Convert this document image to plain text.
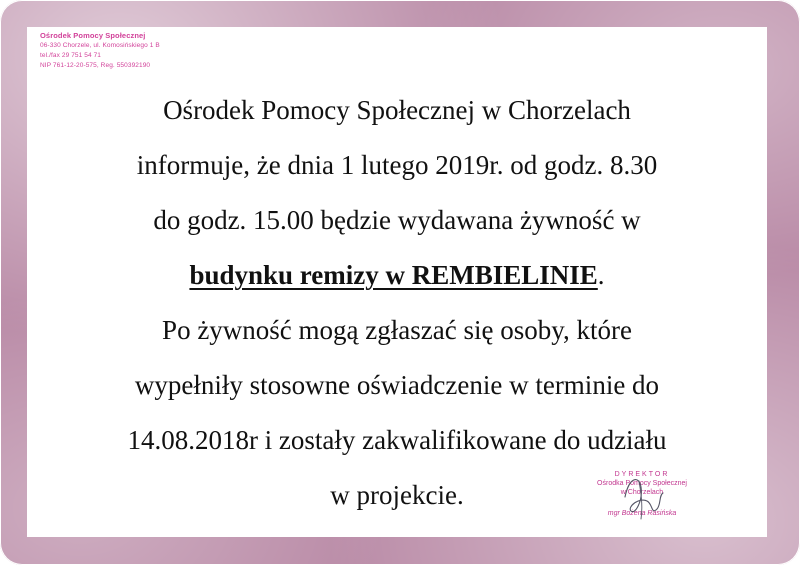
Ośrodek Pomocy Społecznej
06-330 Chorzele, ul. Komosińskiego 1 B
tel./fax 29 751 54 71
NIP 761-12-20-575, Reg. 550392190
Ośrodek Pomocy Społecznej w Chorzelach
informuje, że dnia 1 lutego 2019r. od godz. 8.30
do godz. 15.00 będzie wydawana żywność w
budynku remizy w REMBIELINIE.
Po żywność mogą zgłaszać się osoby, które
wypełniły stosowne oświadczenie w terminie do
14.08.2018r i zostały zakwalifikowane do udziału
w projekcie.
DYREKTOR
Ośrodka Pomocy Społecznej
w Chorzelach
mgr Bożena Rasińska
